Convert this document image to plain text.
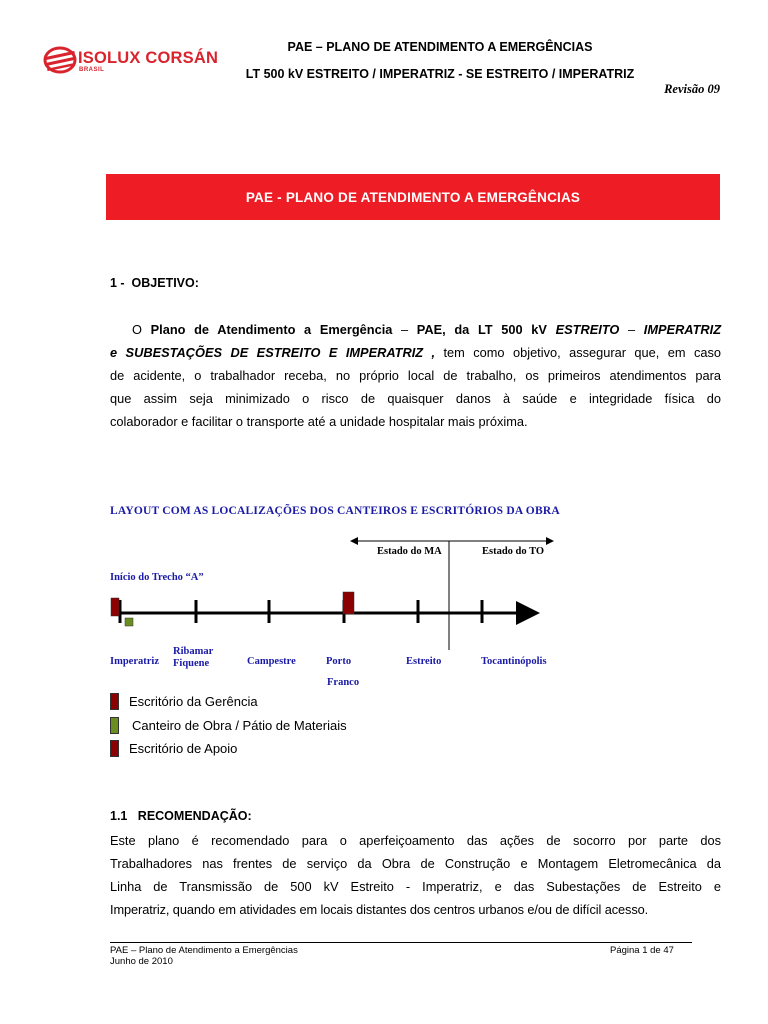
ISOLUX CORSÁN
BRASIL
PAE – PLANO DE ATENDIMENTO A EMERGÊNCIAS
LT 500 kV ESTREITO / IMPERATRIZ - SE ESTREITO / IMPERATRIZ
Revisão 09
PAE - PLANO DE ATENDIMENTO A EMERGÊNCIAS
1 -  OBJETIVO:
O Plano de Atendimento a Emergência – PAE, da LT 500 kV ESTREITO – IMPERATRIZ
e SUBESTAÇÕES DE ESTREITO E IMPERATRIZ , tem como objetivo, assegurar que, em caso
de acidente, o trabalhador receba, no próprio local de trabalho, os primeiros atendimentos para
que assim seja minimizado o risco de quaisquer danos à saúde e integridade física do
colaborador e facilitar o transporte até a unidade hospitalar mais próxima.
LAYOUT COM AS LOCALIZAÇÕES DOS CANTEIROS E ESCRITÓRIOS DA OBRA
Estado do MA	Estado do TO
Início do Trecho “A”
Imperatriz
Ribamar
Fiquene	Campestre	Porto
Franco
Estreito	Tocantinópolis
Escritório da Gerência
Canteiro de Obra / Pátio de Materiais
Escritório de Apoio
1.1   RECOMENDAÇÃO:
Este plano é recomendado para o aperfeiçoamento das ações de socorro por parte dos
Trabalhadores nas frentes de serviço da Obra de Construção e Montagem Eletromecânica da
Linha de Transmissão de 500 kV Estreito - Imperatriz, e das Subestações de Estreito e
Imperatriz, quando em atividades em locais distantes dos centros urbanos e/ou de difícil acesso.
PAE – Plano de Atendimento a Emergências
Junho de 2010
Página 1 de 47
